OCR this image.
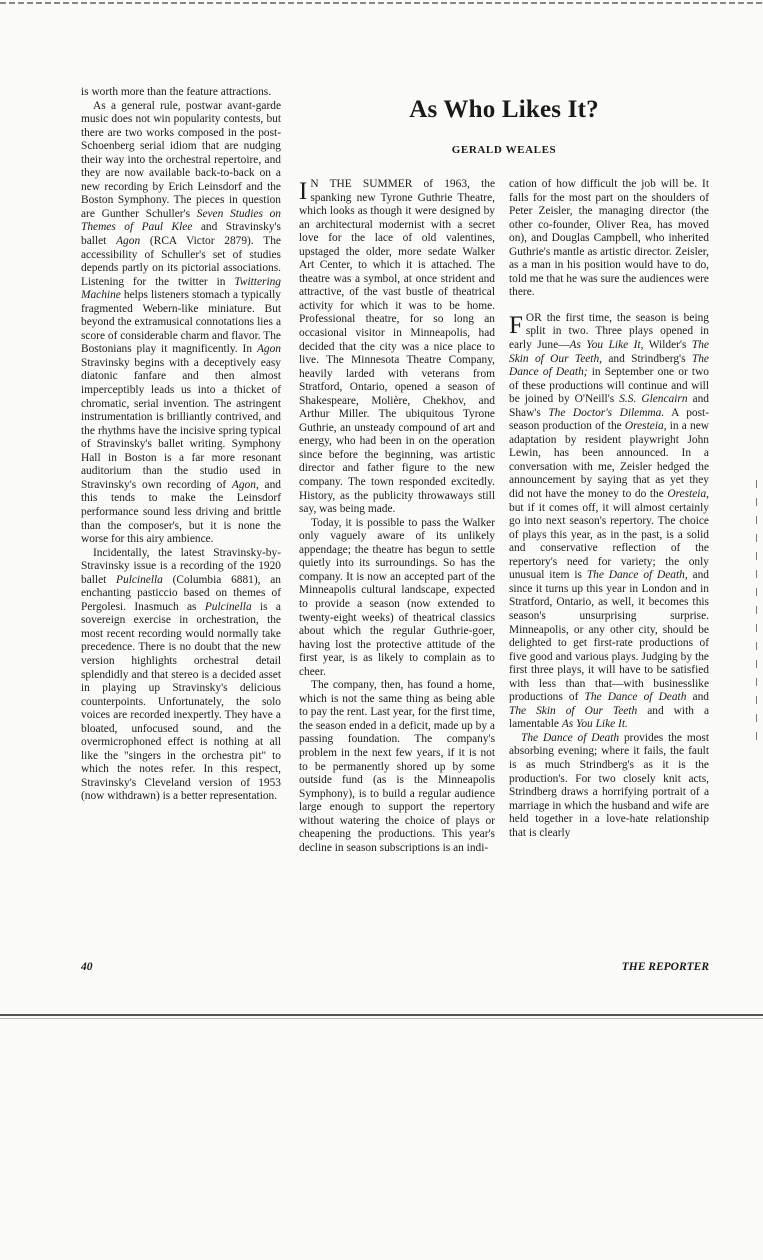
is worth more than the feature attractions.

As a general rule, postwar avant-garde music does not win popularity contests, but there are two works composed in the post-Schoenberg serial idiom that are nudging their way into the orchestral repertoire, and they are now available back-to-back on a new recording by Erich Leinsdorf and the Boston Symphony. The pieces in question are Gunther Schuller's Seven Studies on Themes of Paul Klee and Stravinsky's ballet Agon (RCA Victor 2879). The accessibility of Schuller's set of studies depends partly on its pictorial associations. Listening for the twitter in Twittering Machine helps listeners stomach a typically fragmented Webern-like miniature. But beyond the extramusical connotations lies a score of considerable charm and flavor. The Bostonians play it magnificently. In Agon Stravinsky begins with a deceptively easy diatonic fanfare and then almost imperceptibly leads us into a thicket of chromatic, serial invention. The astringent instrumentation is brilliantly contrived, and the rhythms have the incisive spring typical of Stravinsky's ballet writing. Symphony Hall in Boston is a far more resonant auditorium than the studio used in Stravinsky's own recording of Agon, and this tends to make the Leinsdorf performance sound less driving and brittle than the composer's, but it is none the worse for this airy ambience.

Incidentally, the latest Stravinsky-by-Stravinsky issue is a recording of the 1920 ballet Pulcinella (Columbia 6881), an enchanting pasticcio based on themes of Pergolesi. Inasmuch as Pulcinella is a sovereign exercise in orchestration, the most recent recording would normally take precedence. There is no doubt that the new version highlights orchestral detail splendidly and that stereo is a decided asset in playing up Stravinsky's delicious counterpoints. Unfortunately, the solo voices are recorded inexpertly. They have a bloated, unfocused sound, and the overmicrophoned effect is nothing at all like the "singers in the orchestra pit" to which the notes refer. In this respect, Stravinsky's Cleveland version of 1953 (now withdrawn) is a better representation.

As Who Likes It?
GERALD WEALES

I N THE SUMMER of 1963, the spanking new Tyrone Guthrie Theatre, which looks as though it were designed by an architectural modernist with a secret love for the lace of old valentines, upstaged the older, more sedate Walker Art Center, to which it is attached. The theatre was a symbol, at once strident and attractive, of the vast bustle of theatrical activity for which it was to be home. Professional theatre, for so long an occasional visitor in Minneapolis, had decided that the city was a nice place to live. The Minnesota Theatre Company, heavily larded with veterans from Stratford, Ontario, opened a season of Shakespeare, Molière, Chekhov, and Arthur Miller. The ubiquitous Tyrone Guthrie, an unsteady compound of art and energy, who had been in on the operation since before the beginning, was artistic director and father figure to the new company. The town responded excitedly. History, as the publicity throwaways still say, was being made.

Today, it is possible to pass the Walker only vaguely aware of its unlikely appendage; the theatre has begun to settle quietly into its surroundings. So has the company. It is now an accepted part of the Minneapolis cultural landscape, expected to provide a season (now extended to twenty-eight weeks) of theatrical classics about which the regular Guthrie-goer, having lost the protective attitude of the first year, is as likely to complain as to cheer.

The company, then, has found a home, which is not the same thing as being able to pay the rent. Last year, for the first time, the season ended in a deficit, made up by a passing foundation. The company's problem in the next few years, if it is not to be permanently shored up by some outside fund (as is the Minneapolis Symphony), is to build a regular audience large enough to support the repertory without watering the choice of plays or cheapening the productions. This year's decline in season subscriptions is an indi-

cation of how difficult the job will be. It falls for the most part on the shoulders of Peter Zeisler, the managing director (the other co-founder, Oliver Rea, has moved on), and Douglas Campbell, who inherited Guthrie's mantle as artistic director. Zeisler, as a man in his position would have to do, told me that he was sure the audiences were there.

FOR the first time, the season is being split in two. Three plays opened in early June—As You Like It, Wilder's The Skin of Our Teeth, and Strindberg's The Dance of Death; in September one or two of these productions will continue and will be joined by O'Neill's S.S. Glencairn and Shaw's The Doctor's Dilemma. A post-season production of the Oresteia, in a new adaptation by resident playwright John Lewin, has been announced. In a conversation with me, Zeisler hedged the announcement by saying that as yet they did not have the money to do the Oresteia, but if it comes off, it will almost certainly go into next season's repertory. The choice of plays this year, as in the past, is a solid and conservative reflection of the repertory's need for variety; the only unusual item is The Dance of Death, and since it turns up this year in London and in Stratford, Ontario, as well, it becomes this season's unsurprising surprise. Minneapolis, or any other city, should be delighted to get first-rate productions of five good and various plays. Judging by the first three plays, it will have to be satisfied with less than that—with businesslike productions of The Dance of Death and The Skin of Our Teeth and with a lamentable As You Like It.

The Dance of Death provides the most absorbing evening; where it fails, the fault is as much Strindberg's as it is the production's. For two closely knit acts, Strindberg draws a horrifying portrait of a marriage in which the husband and wife are held together in a love-hate relationship that is clearly

40	THE REPORTER
